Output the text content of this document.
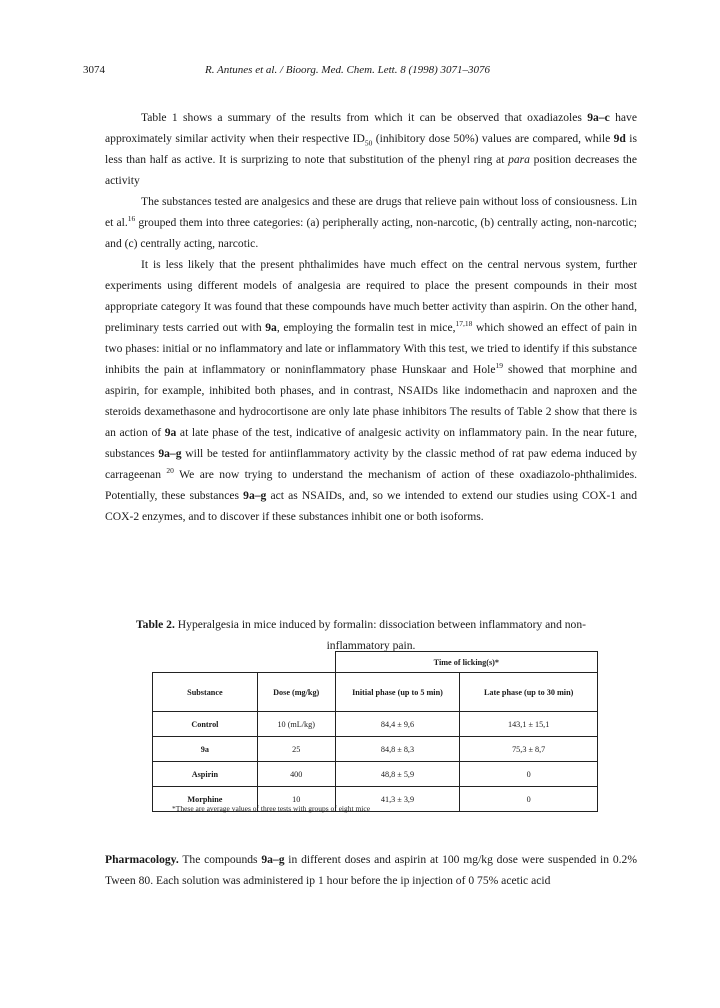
3074	R. Antunes et al. / Bioorg. Med. Chem. Lett. 8 (1998) 3071–3076

Table 1 shows a summary of the results from which it can be observed that oxadiazoles 9a–c have approximately similar activity when their respective $ID_{50}$ (inhibitory dose 50%) values are compared, while 9d is less than half as active. It is surprizing to note that substitution of the phenyl ring at para position decreases the activity

The substances tested are analgesics and these are drugs that relieve pain without loss of consiousness. Lin et al.$^{16}$ grouped them into three categories: (a) peripherally acting, non-narcotic, (b) centrally acting, non-narcotic; and (c) centrally acting, narcotic.

It is less likely that the present phthalimides have much effect on the central nervous system, further experiments using different models of analgesia are required to place the present compounds in their most appropriate category It was found that these compounds have much better activity than aspirin. On the other hand, preliminary tests carried out with 9a, employing the formalin test in mice,$^{17,18}$ which showed an effect of pain in two phases: initial or no inflammatory and late or inflammatory With this test, we tried to identify if this substance inhibits the pain at inflammatory or noninflammatory phase Hunskaar and Hole$^{19}$ showed that morphine and aspirin, for example, inhibited both phases, and in contrast, NSAIDs like indomethacin and naproxen and the steroids dexamethasone and hydrocortisone are only late phase inhibitors The results of Table 2 show that there is an action of 9a at late phase of the test, indicative of analgesic activity on inflammatory pain. In the near future, substances 9a–g will be tested for antiinflammatory activity by the classic method of rat paw edema induced by carrageenan $^{20}$ We are now trying to understand the mechanism of action of these oxadiazolo-phthalimides. Potentially, these substances 9a–g act as NSAIDs, and, so we intended to extend our studies using COX-1 and COX-2 enzymes, and to discover if these substances inhibit one or both isoforms.

Table 2. Hyperalgesia in mice induced by formalin: dissociation between inflammatory and non-
inflammatory pain.
		Time of licking(s)*	
Substance	Dose (mg/kg)	Initial phase (up to 5 min)	Late phase (up to 30 min)
Control	10 (mL/kg)	84,4 ± 9,6	143,1 ± 15,1
9a	25	84,8 ± 8,3	75,3 ± 8,7
Aspirin	400	48,8 ± 5,9	0
Morphine	10	41,3 ± 3,9	0
*These are average values of three tests with groups of eight mice

Pharmacology. The compounds 9a–g in different doses and aspirin at 100 mg/kg dose were suspended in 0.2% Tween 80. Each solution was administered ip 1 hour before the ip injection of 0 75% acetic acid
